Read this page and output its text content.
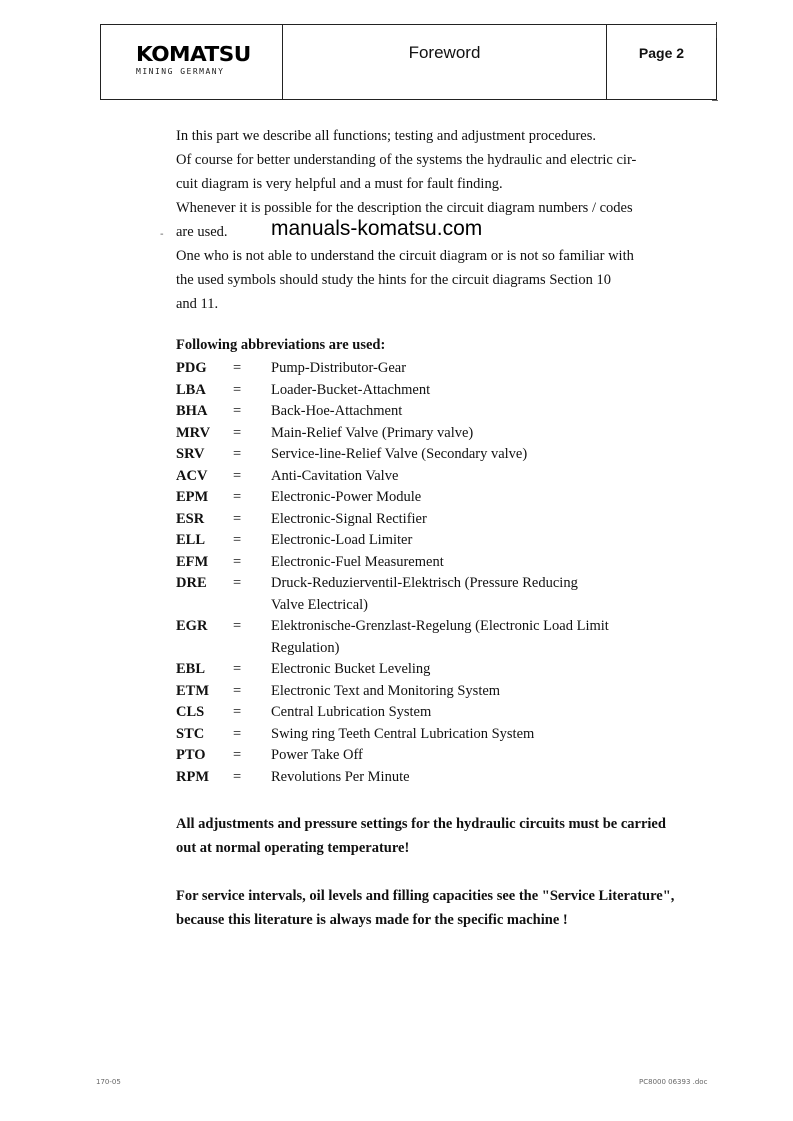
KOMATSU
MINING GERMANY
Foreword	Page 2

In this part we describe all functions; testing and adjustment procedures.

Of course for better understanding of the systems the hydraulic and electric cir-

cuit diagram is very helpful and a must for fault finding.

Whenever it is possible for the description the circuit diagram numbers / codes

are used.

One who is not able to understand the circuit diagram or is not so familiar with

the used symbols should study the hints for the circuit diagrams Section 10

and 11.

-	manuals-komatsu.com
Following abbreviations are used:
PDG	=	Pump-Distributor-Gear
LBA	=	Loader-Bucket-Attachment
BHA	=	Back-Hoe-Attachment
MRV	=	Main-Relief Valve (Primary valve)
SRV	=	Service-line-Relief Valve (Secondary valve)
ACV	=	Anti-Cavitation Valve
EPM	=	Electronic-Power Module
ESR	=	Electronic-Signal Rectifier
ELL	=	Electronic-Load Limiter
EFM	=	Electronic-Fuel Measurement
DRE	=	Druck-Reduzierventil-Elektrisch (Pressure Reducing
Valve Electrical)
EGR	=	Elektronische-Grenzlast-Regelung (Electronic Load Limit
Regulation)
EBL	=	Electronic Bucket Leveling
ETM	=	Electronic Text and Monitoring System
CLS	=	Central Lubrication System
STC	=	Swing ring Teeth Central Lubrication System
PTO	=	Power Take Off
RPM	=	Revolutions Per Minute

All adjustments and pressure settings for the hydraulic circuits must be carried out at normal operating temperature!

For service intervals, oil levels and filling capacities see the "Service Literature", because this literature is always made for the specific machine !

170-05	PC8000 06393 .doc
